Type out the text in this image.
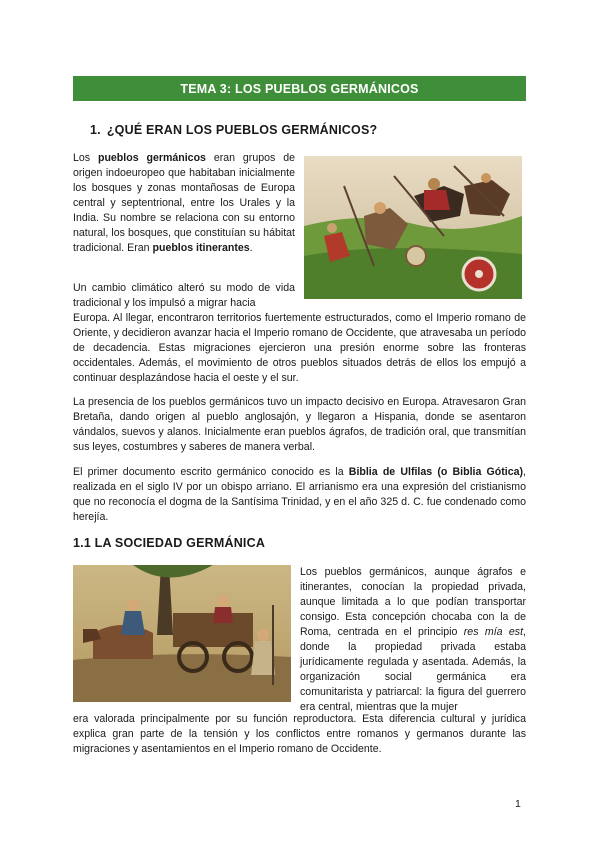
TEMA 3: LOS PUEBLOS GERMÁNICOS
1. ¿QUÉ ERAN LOS PUEBLOS GERMÁNICOS?

Los pueblos germánicos eran grupos de origen indoeuropeo que habitaban inicialmente los bosques y zonas montañosas de Europa central y septentrional, entre los Urales y la India. Su nombre se relaciona con su entorno natural, los bosques, que constituían su hábitat tradicional. Eran pueblos itinerantes.

Un cambio climático alteró su modo de vida tradicional y los impulsó a migrar hacia

Europa. Al llegar, encontraron territorios fuertemente estructurados, como el Imperio romano de Oriente, y decidieron avanzar hacia el Imperio romano de Occidente, que atravesaba un período de decadencia. Estas migraciones ejercieron una presión enorme sobre las fronteras occidentales. Además, el movimiento de otros pueblos situados detrás de ellos los empujó a continuar desplazándose hacia el oeste y el sur.

La presencia de los pueblos germánicos tuvo un impacto decisivo en Europa. Atravesaron Gran Bretaña, dando origen al pueblo anglosajón, y llegaron a Hispania, donde se asentaron vándalos, suevos y alanos. Inicialmente eran pueblos ágrafos, de tradición oral, que transmitían sus leyes, costumbres y saberes de manera verbal.

El primer documento escrito germánico conocido es la Biblia de Ulfilas (o Biblia Gótica), realizada en el siglo IV por un obispo arriano. El arrianismo era una expresión del cristianismo que no reconocía el dogma de la Santísima Trinidad, y en el año 325 d. C. fue condenado como herejía.

1.1 LA SOCIEDAD GERMÁNICA

Los pueblos germánicos, aunque ágrafos e itinerantes, conocían la propiedad privada, aunque limitada a lo que podían transportar consigo. Esta concepción chocaba con la de Roma, centrada en el principio res mía est, donde la propiedad privada estaba jurídicamente regulada y asentada. Además, la organización social germánica era comunitarista y patriarcal: la figura del guerrero era central, mientras que la mujer

era valorada principalmente por su función reproductora. Esta diferencia cultural y jurídica explica gran parte de la tensión y los conflictos entre romanos y germanos durante las migraciones y asentamientos en el Imperio romano de Occidente.

1
